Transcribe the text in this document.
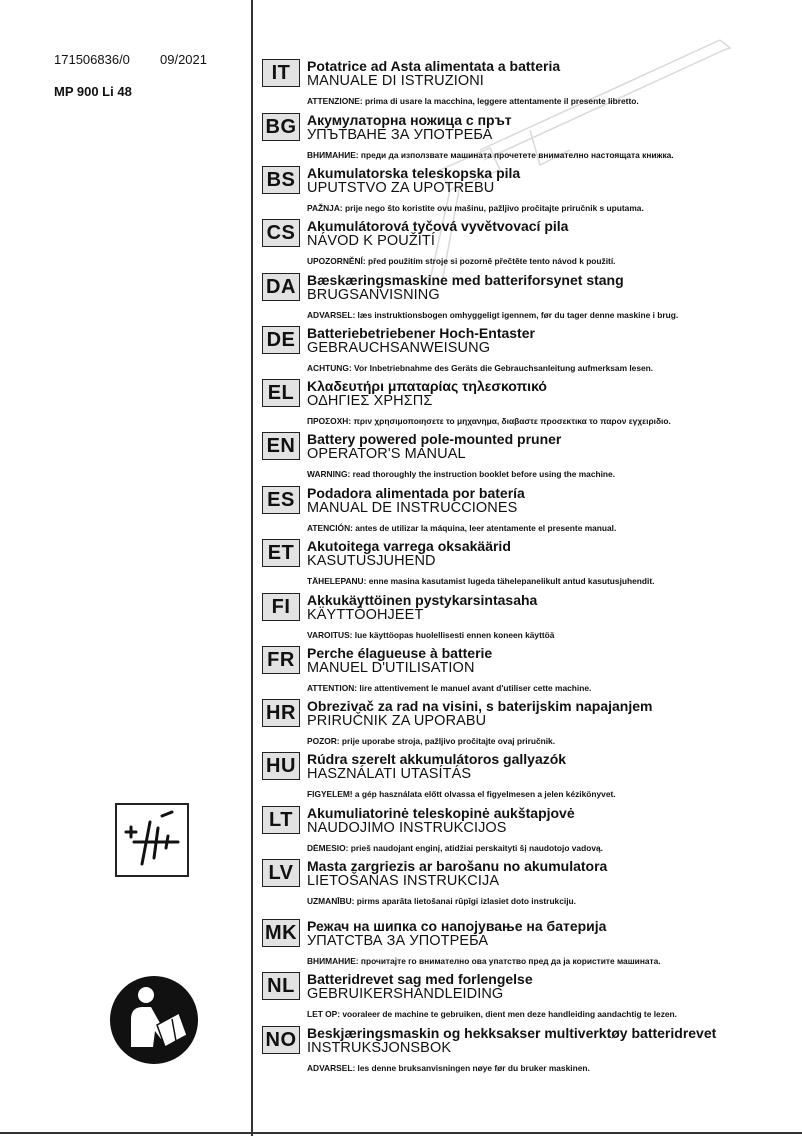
171506836/0 09/2021
MP 900 Li 48
IT	Potatrice ad Asta alimentata a batteria
MANUALE DI ISTRUZIONI
ATTENZIONE: prima di usare la macchina, leggere attentamente il presente libretto.
BG Акумулаторна ножица с прът
УПЪТВАНЕ ЗА УПОТРЕБА
ВНИМАНИЕ: преди да използвате машината прочетете внимателно настоящата книжка.
BS Akumulatorska teleskopska pila
UPUTSTVO ZA UPOTREBU
PAŽNJA: prije nego što koristite ovu mašinu, pažljivo pročitajte priručnik s uputama.
CS Akumulátorová tyčová vyvětvovací pila
NÁVOD K POUŽITÍ
UPOZORNĚNÍ: před použitím stroje si pozorně přečtěte tento návod k použití.
DA Bæskæringsmaskine med batteriforsynet stang
BRUGSANVISNING
ADVARSEL: læs instruktionsbogen omhyggeligt igennem, før du tager denne maskine i brug.
DE Batteriebetriebener Hoch-Entaster
GEBRAUCHSANWEISUNG
ACHTUNG: Vor Inbetriebnahme des Geräts die Gebrauchsanleitung aufmerksam lesen.
EL Κλαδευτήρι μπαταρίας τηλεσκοπικό
ΟΔΗΓΙΕΣ ΧΡΗΣΠΣ
ΠΡΟΣΟΧΗ: πριν χρησιμοποιησετε το μηχανημα, διαβαστε προσεκτικα το παρον εγχειριδιο.
EN Battery powered pole-mounted pruner
OPERATOR'S MANUAL
WARNING: read thoroughly the instruction booklet before using the machine.
ES Podadora alimentada por batería
MANUAL DE INSTRUCCIONES
ATENCIÓN: antes de utilizar la máquina, leer atentamente el presente manual.
ET Akutoitega varrega oksakäärid
KASUTUSJUHEND
TÄHELEPANU: enne masina kasutamist lugeda tähelepanelikult antud kasutusjuhendit.
FI	Akkukäyttöinen pystykarsintasaha
KÄYTTÖOHJEET
VAROITUS: lue käyttöopas huolellisesti ennen koneen käyttöä
FR Perche élagueuse à batterie
MANUEL D'UTILISATION
ATTENTION: lire attentivement le manuel avant d'utiliser cette machine.
HR Obrezivač za rad na visini, s baterijskim napajanjem
PRIRUČNIK ZA UPORABU
POZOR: prije uporabe stroja, pažljivo pročitajte ovaj priručnik.
HU Rúdra szerelt akkumulátoros gallyazók
HASZNÁLATI UTASÍTÁS
FIGYELEM! a gép használata előtt olvassa el figyelmesen a jelen kézikönyvet.
LT	Akumuliatorinė teleskopinė aukštapjovė
NAUDOJIMO INSTRUKCIJOS
DĖMESIO: prieš naudojant enginį, atidžiai perskaityti šį naudotojo vadovą.
LV Masta zargriezis ar barošanu no akumulatora
LIETOŠANAS INSTRUKCIJA
UZMANĪBU: pirms aparāta lietošanai rūpīgi izlasiet doto instrukciju.
MK Режач на шипка со напојување на батерија
УПАТСТВА ЗА УПОТРЕБА
ВНИМАНИЕ: прочитајте го внимателно ова упатство пред да ја користите машината.
NL Batteridrevet sag med forlengelse
GEBRUIKERSHANDLEIDING
LET OP: vooraleer de machine te gebruiken, dient men deze handleiding aandachtig te lezen.
NO Beskjæringsmaskin og hekksakser multiverktøy batteridrevet
INSTRUKSJONSBOK
ADVARSEL: les denne bruksanvisningen nøye før du bruker maskinen.
